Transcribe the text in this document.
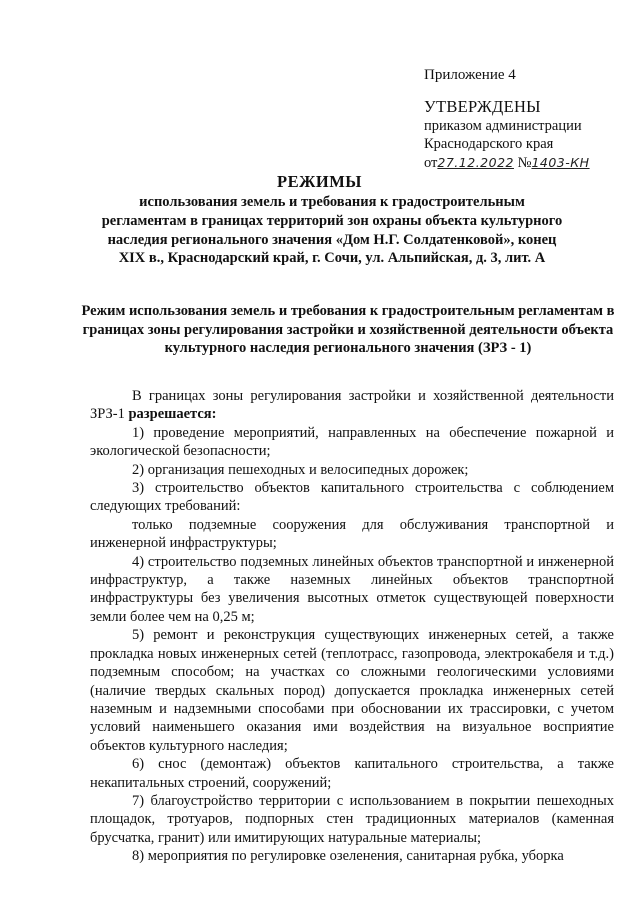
Приложение 4
УТВЕРЖДЕНЫ
приказом администрации
Краснодарского края
от27.12.2022 №1403-КН
РЕЖИМЫ
использования земель и требования к градостроительным регламентам в границах территорий зон охраны объекта культурного наследия регионального значения «Дом Н.Г. Солдатенковой», конец XIX в., Краснодарский край, г. Сочи, ул. Альпийская, д. 3, лит. А
Режим использования земель и требования к градостроительным регламентам в границах зоны регулирования застройки и хозяйственной деятельности объекта культурного наследия регионального значения (ЗРЗ - 1)

В границах зоны регулирования застройки и хозяйственной деятельности ЗРЗ-1 разрешается:

1) проведение мероприятий, направленных на обеспечение пожарной и экологической безопасности;

2) организация пешеходных и велосипедных дорожек;

3) строительство объектов капитального строительства с соблюдением следующих требований:

только подземные сооружения для обслуживания транспортной и инженерной инфраструктуры;

4) строительство подземных линейных объектов транспортной и инженерной инфраструктур, а также наземных линейных объектов транспортной инфраструктуры без увеличения высотных отметок существующей поверхности земли более чем на 0,25 м;

5) ремонт и реконструкция существующих инженерных сетей, а также прокладка новых инженерных сетей (теплотрасс, газопровода, электрокабеля и т.д.) подземным способом; на участках со сложными геологическими условиями (наличие твердых скальных пород) допускается прокладка инженерных сетей наземным и надземными способами при обосновании их трассировки, с учетом условий наименьшего оказания ими воздействия на визуальное восприятие объектов культурного наследия;

6) снос (демонтаж) объектов капитального строительства, а также некапитальных строений, сооружений;

7) благоустройство территории с использованием в покрытии пешеходных площадок, тротуаров, подпорных стен традиционных материалов (каменная брусчатка, гранит) или имитирующих натуральные материалы;

8) мероприятия по регулировке озеленения, санитарная рубка, уборка
